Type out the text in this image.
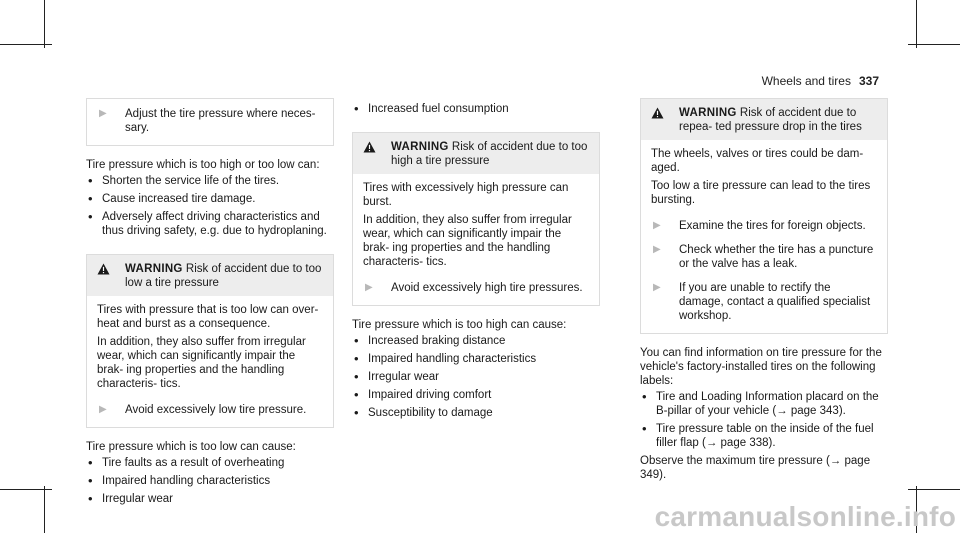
Wheels and tires 337
▶	Adjust the tire pressure where neces- sary.

Tire pressure which is too high or too low can:

• Shorten the service life of the tires.
• Cause increased tire damage.
• Adversely affect driving characteristics and thus driving safety, e.g. due to hydroplaning.
WARNING Risk of accident due to too low a tire pressure

Tires with pressure that is too low can over- heat and burst as a consequence.

In addition, they also suffer from irregular wear, which can significantly impair the brak- ing properties and the handling characteris- tics.

▶	Avoid excessively low tire pressure.

Tire pressure which is too low can cause:

• Tire faults as a result of overheating
• Impaired handling characteristics
• Irregular wear
• Increased fuel consumption
WARNING Risk of accident due to too high a tire pressure

Tires with excessively high pressure can burst.

In addition, they also suffer from irregular wear, which can significantly impair the brak- ing properties and the handling characteris- tics.

▶	Avoid excessively high tire pressures.

Tire pressure which is too high can cause:

• Increased braking distance
• Impaired handling characteristics
• Irregular wear
• Impaired driving comfort
• Susceptibility to damage
WARNING Risk of accident due to repea- ted pressure drop in the tires

The wheels, valves or tires could be dam- aged.

Too low a tire pressure can lead to the tires bursting.

▶	Examine the tires for foreign objects.
▶	Check whether the tire has a puncture or the valve has a leak.
▶	If you are unable to rectify the damage, contact a qualified specialist workshop.

You can find information on tire pressure for the vehicle's factory-installed tires on the following labels:

• Tire and Loading Information placard on the B-pillar of your vehicle (→ page 343).
• Tire pressure table on the inside of the fuel filler flap (→ page 338).

Observe the maximum tire pressure (→ page 349).

carmanualsonline.info
